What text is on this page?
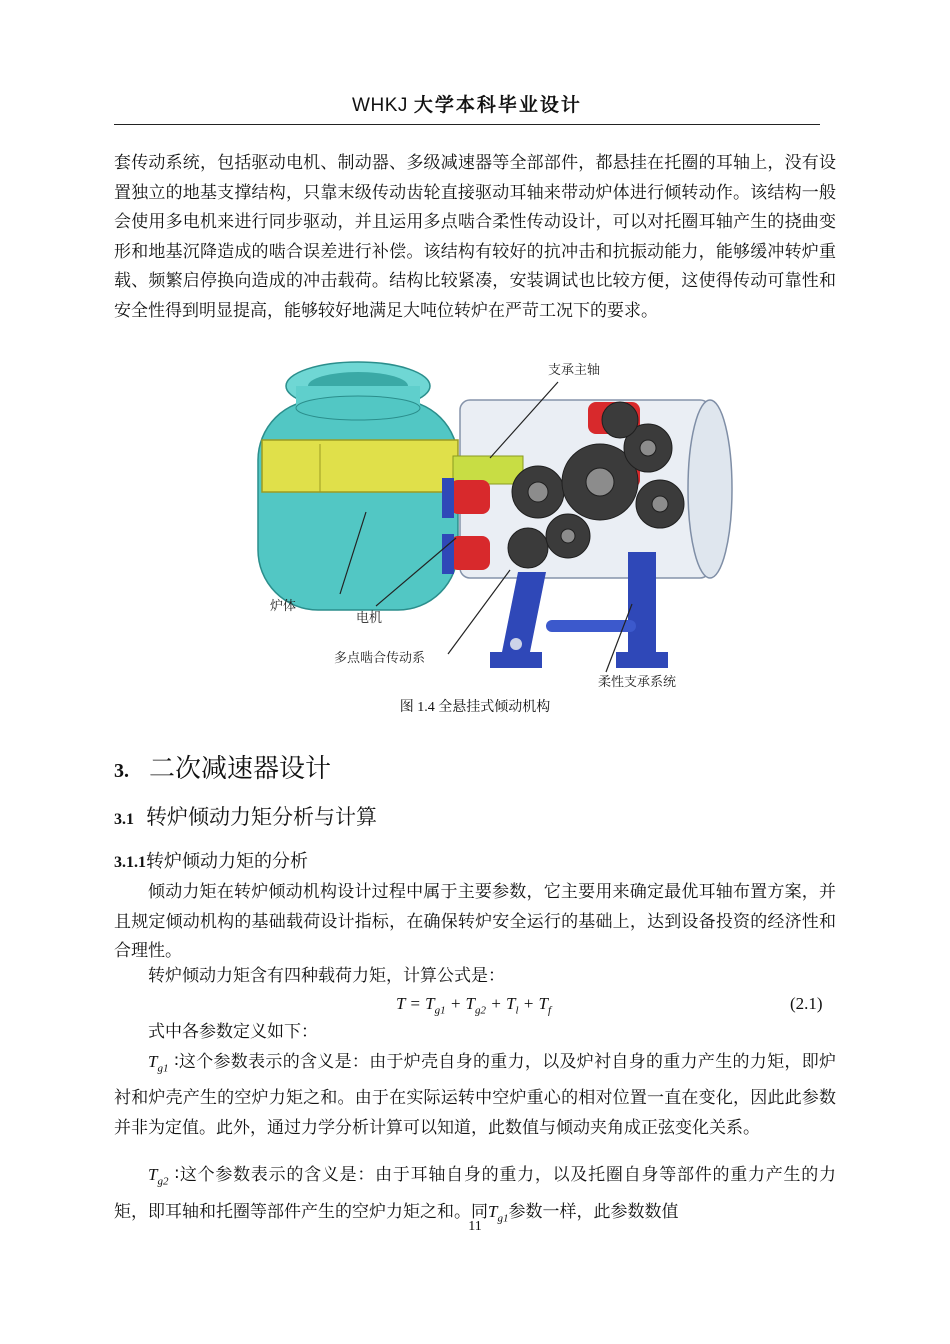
WHKJ 大学本科毕业设计
套传动系统，包括驱动电机、制动器、多级减速器等全部部件，都悬挂在托圈的耳轴上，没有设置独立的地基支撑结构，只靠末级传动齿轮直接驱动耳轴来带动炉体进行倾转动作。该结构一般会使用多电机来进行同步驱动，并且运用多点啮合柔性传动设计，可以对托圈耳轴产生的挠曲变形和地基沉降造成的啮合误差进行补偿。该结构有较好的抗冲击和抗振动能力，能够缓冲转炉重载、频繁启停换向造成的冲击载荷。结构比较紧凑，安装调试也比较方便，这使得传动可靠性和安全性得到明显提高，能够较好地满足大吨位转炉在严苛工况下的要求。
支承主轴
炉体
电机
多点啮合传动系
柔性支承系统
图 1.4 全悬挂式倾动机构
3. 二次减速器设计
3.1 转炉倾动力矩分析与计算
3.1.1转炉倾动力矩的分析
倾动力矩在转炉倾动机构设计过程中属于主要参数，它主要用来确定最优耳轴布置方案，并且规定倾动机构的基础载荷设计指标，在确保转炉安全运行的基础上，达到设备投资的经济性和合理性。
转炉倾动力矩含有四种载荷力矩，计算公式是：
$T = T_{g1} + T_{g2} + T_l + T_f$	(2.1)
式中各参数定义如下：
$T_{g1}$ ∶这个参数表示的含义是：由于炉壳自身的重力，以及炉衬自身的重力产生的力矩，即炉衬和炉壳产生的空炉力矩之和。由于在实际运转中空炉重心的相对位置一直在变化，因此此参数并非为定值。此外，通过力学分析计算可以知道，此数值与倾动夹角成正弦变化关系。
$T_{g2}$ ∶这个参数表示的含义是：由于耳轴自身的重力，以及托圈自身等部件的重力产生的力矩，即耳轴和托圈等部件产生的空炉力矩之和。同$T_{g1}$参数一样，此参数数值
11
